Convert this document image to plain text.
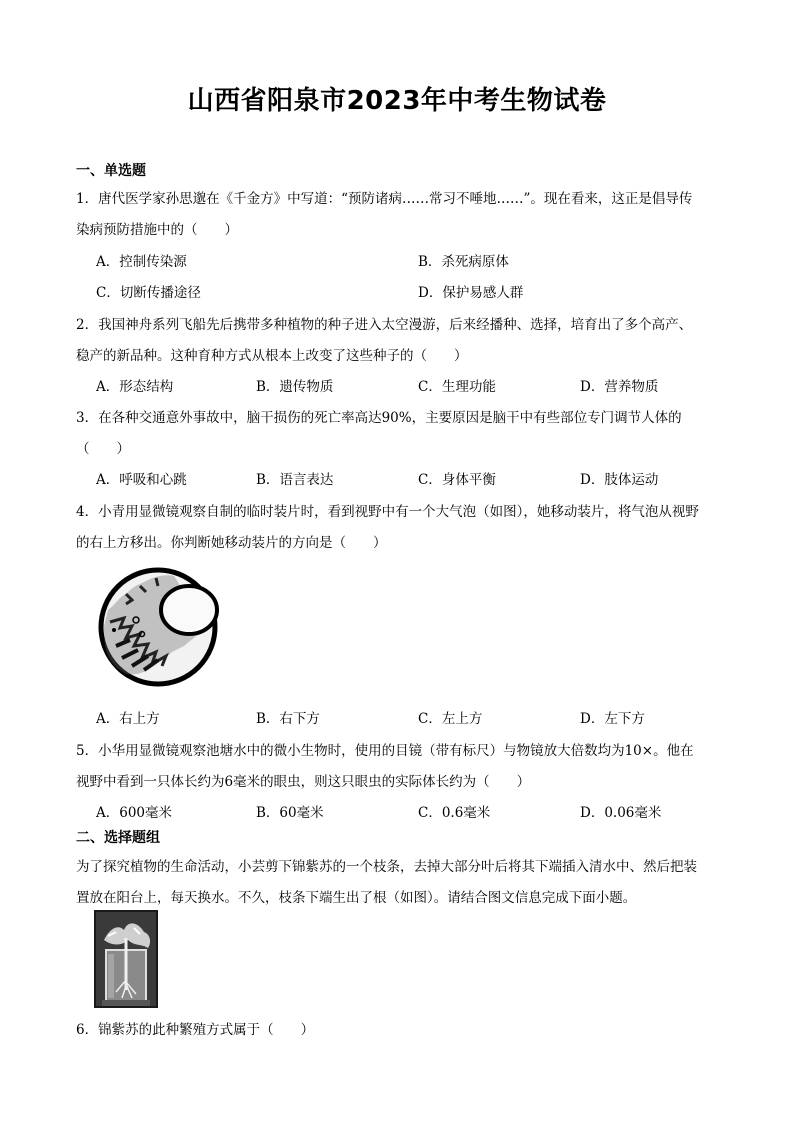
山西省阳泉市2023年中考生物试卷
一、单选题
1．唐代医学家孙思邈在《千金方》中写道：“预防诸病……常习不唾地……”。现在看来，这正是倡导传
染病预防措施中的（　　）
A．控制传染源	B．杀死病原体
C．切断传播途径	D．保护易感人群
2．我国神舟系列飞船先后携带多种植物的种子进入太空漫游，后来经播种、选择，培育出了多个高产、
稳产的新品种。这种育种方式从根本上改变了这些种子的（　　）
A．形态结构	B．遗传物质	C．生理功能	D．营养物质
3．在各种交通意外事故中，脑干损伤的死亡率高达90%，主要原因是脑干中有些部位专门调节人体的
（　　）
A．呼吸和心跳	B．语言表达	C．身体平衡	D．肢体运动
4．小青用显微镜观察自制的临时装片时，看到视野中有一个大气泡（如图），她移动装片，将气泡从视野
的右上方移出。你判断她移动装片的方向是（　　）
A．右上方	B．右下方	C．左上方	D．左下方
5．小华用显微镜观察池塘水中的微小生物时，使用的目镜（带有标尺）与物镜放大倍数均为10×。他在
视野中看到一只体长约为6毫米的眼虫，则这只眼虫的实际体长约为（　　）
A．600毫米	B．60毫米	C．0.6毫米	D．0.06毫米
二、选择题组
为了探究植物的生命活动，小芸剪下锦紫苏的一个枝条，去掉大部分叶后将其下端插入清水中、然后把装
置放在阳台上，每天换水。不久，枝条下端生出了根（如图）。请结合图文信息完成下面小题。
6．锦紫苏的此种繁殖方式属于（　　）
